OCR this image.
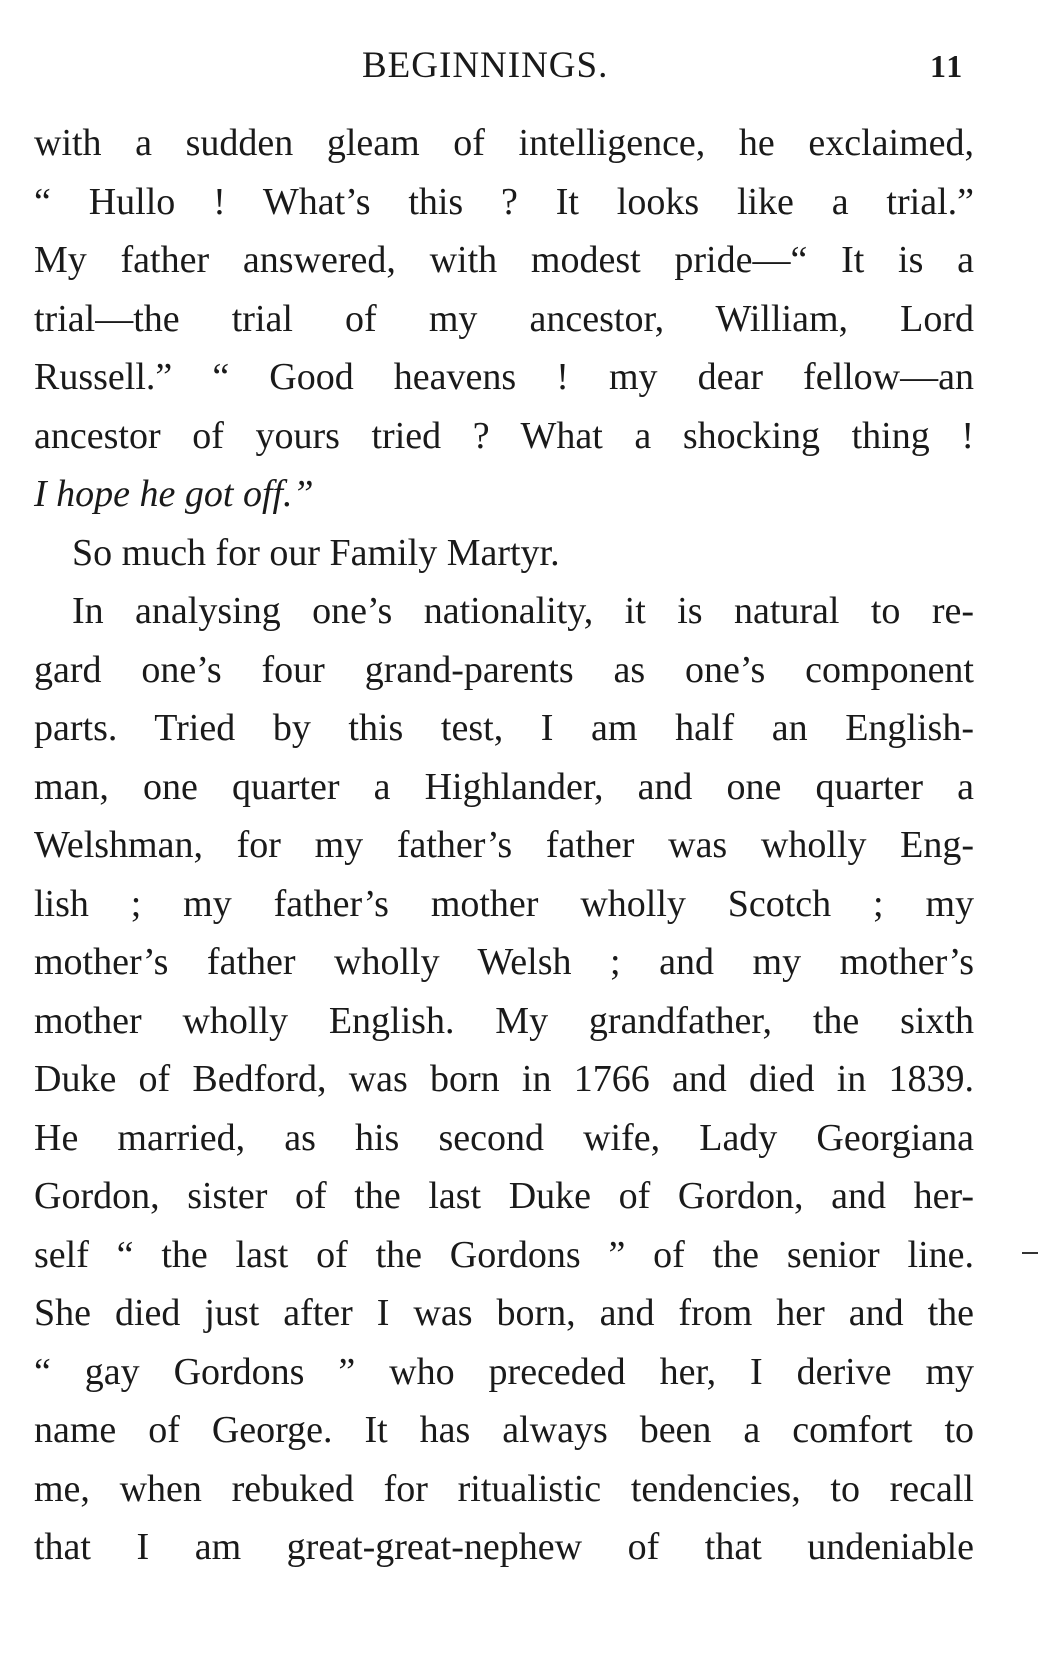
BEGINNINGS.	11
with a sudden gleam of intelligence, he exclaimed,
“ Hullo ! What’s this ? It looks like a trial.”
My father answered, with modest pride—“ It is a
trial—the trial of my ancestor, William, Lord
Russell.” “ Good heavens ! my dear fellow—an
ancestor of yours tried ? What a shocking thing !
I hope he got off.”
So much for our Family Martyr.
In analysing one’s nationality, it is natural to re-
gard one’s four grand-parents as one’s component
parts. Tried by this test, I am half an English-
man, one quarter a Highlander, and one quarter a
Welshman, for my father’s father was wholly Eng-
lish ; my father’s mother wholly Scotch ; my
mother’s father wholly Welsh ; and my mother’s
mother wholly English. My grandfather, the sixth
Duke of Bedford, was born in 1766 and died in 1839.
He married, as his second wife, Lady Georgiana
Gordon, sister of the last Duke of Gordon, and her-
self “ the last of the Gordons ” of the senior line.
She died just after I was born, and from her and the
“ gay Gordons ” who preceded her, I derive my
name of George. It has always been a comfort to
me, when rebuked for ritualistic tendencies, to recall
that I am great-great-nephew of that undeniable
